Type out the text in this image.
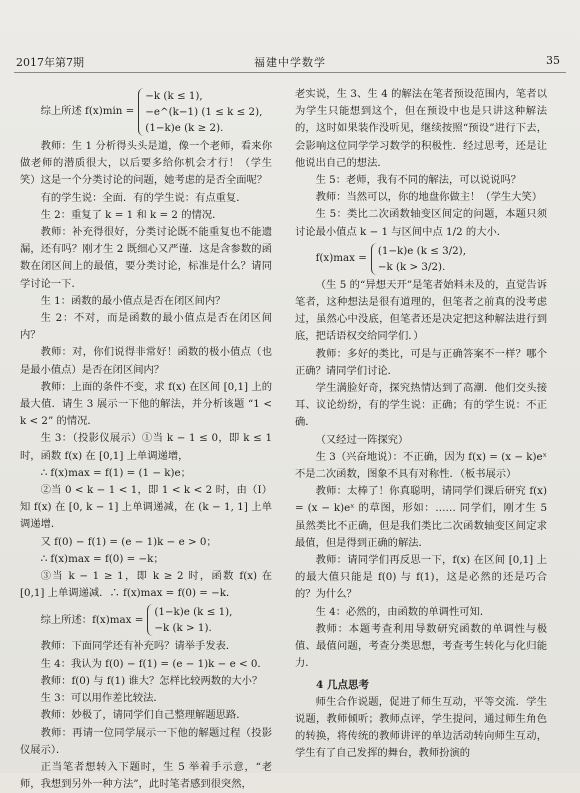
2017年第7期	福建中学数学	35
综上所述 f(x)min =
−k (k ≤ 1),
−e^(k−1) (1 ≤ k ≤ 2),
(1−k)e (k ≥ 2).

教师：生 1 分析得头头是道，像一个老师，看来你做老师的潜质很大，以后要多给你机会才行！（学生笑）这是一个分类讨论的问题，她考虑的是否全面呢？

有的学生说：全面．有的学生说：有点重复．

生 2：重复了 k = 1 和 k = 2 的情况．

教师：补充得很好，分类讨论既不能重复也不能遗漏，还有吗？刚才生 2 既细心又严谨．这是含参数的函数在闭区间上的最值，要分类讨论，标准是什么？请同学讨论一下．

生 1：函数的最小值点是否在闭区间内？

生 2：不对，而是函数的最小值点是否在闭区间内？

教师：对，你们说得非常好！函数的极小值点（也是最小值点）是否在闭区间内？

教师：上面的条件不变，求 f(x) 在区间 [0,1] 上的最大值．请生 3 展示一下他的解法，并分析该题 “1 < k < 2” 的情况．

生 3：（投影仪展示）①当 k − 1 ≤ 0，即 k ≤ 1 时，函数 f(x) 在 [0,1] 上单调递增，

∴ f(x)max = f(1) = (1 − k)e；

②当 0 < k − 1 < 1，即 1 < k < 2 时，由（Ⅰ）知 f(x) 在 [0, k − 1] 上单调递减，在 (k − 1, 1] 上单调递增．

又 f(0) − f(1) = (e − 1)k − e > 0；

∴ f(x)max = f(0) = −k；

③当 k − 1 ≥ 1，即 k ≥ 2 时，函数 f(x) 在 [0,1] 上单调递减．∴ f(x)max = f(0) = −k．

综上所述：f(x)max =
(1−k)e (k ≤ 1),
−k (k > 1).

教师：下面同学还有补充吗？请举手发表．

生 4：我认为 f(0) − f(1) = (e − 1)k − e < 0．

教师：f(0) 与 f(1) 谁大？怎样比较两数的大小？

生 3：可以用作差比较法．

教师：妙极了，请同学们自己整理解题思路．

教师：再请一位同学展示一下他的解题过程（投影仪展示）．

正当笔者想转入下题时，生 5 举着手示意，“老师，我想到另外一种方法”，此时笔者感到很突然，

老实说，生 3、生 4 的解法在笔者预设范围内，笔者以为学生只能想到这个，但在预设中也是只讲这种解法的，这时如果装作没听见，继续按照“预设”进行下去，会影响这位同学学习数学的积极性．经过思考，还是让他说出自己的想法．

生 5：老师，我有不同的解法，可以说说吗？

教师：当然可以，你的地盘你做主！（学生大笑）

生 5：类比二次函数轴变区间定的问题，本题只须讨论最小值点 k − 1 与区间中点 1/2 的大小．

f(x)max =
(1−k)e (k ≤ 3/2),
−k (k > 3/2).

（生 5 的“异想天开”是笔者始料未及的，直觉告诉笔者，这种想法是很有道理的，但笔者之前真的没考虑过，虽然心中没底，但笔者还是决定把这种解法进行到底，把话语权交给同学们．）

教师：多好的类比，可是与正确答案不一样？哪个正确？请同学们讨论．

学生满脸好奇，探究热情达到了高潮．他们交头接耳、议论纷纷，有的学生说：正确；有的学生说：不正确．

（又经过一阵探究）

生 3（兴奋地说）：不正确，因为 f(x) = (x − k)eˣ 不是二次函数，图象不具有对称性．（板书展示）

教师：太棒了！你真聪明，请同学们课后研究 f(x) = (x − k)eˣ 的草图，形如：…… 同学们，刚才生 5 虽然类比不正确，但是我们类比二次函数轴变区间定求最值，但是得到正确的解法．

教师：请同学们再反思一下，f(x) 在区间 [0,1] 上的最大值只能是 f(0) 与 f(1)，这是必然的还是巧合的？为什么？

生 4：必然的，由函数的单调性可知．

教师：本题考查利用导数研究函数的单调性与极值、最值问题，考查分类思想，考查考生转化与化归能力．

4 几点思考

师生合作说题，促进了师生互动，平等交流．学生说题，教师倾听；教师点评，学生提问，通过师生角色的转换，将传统的教师讲评的单边活动转向师生互动，学生有了自己发挥的舞台，教师扮演的
